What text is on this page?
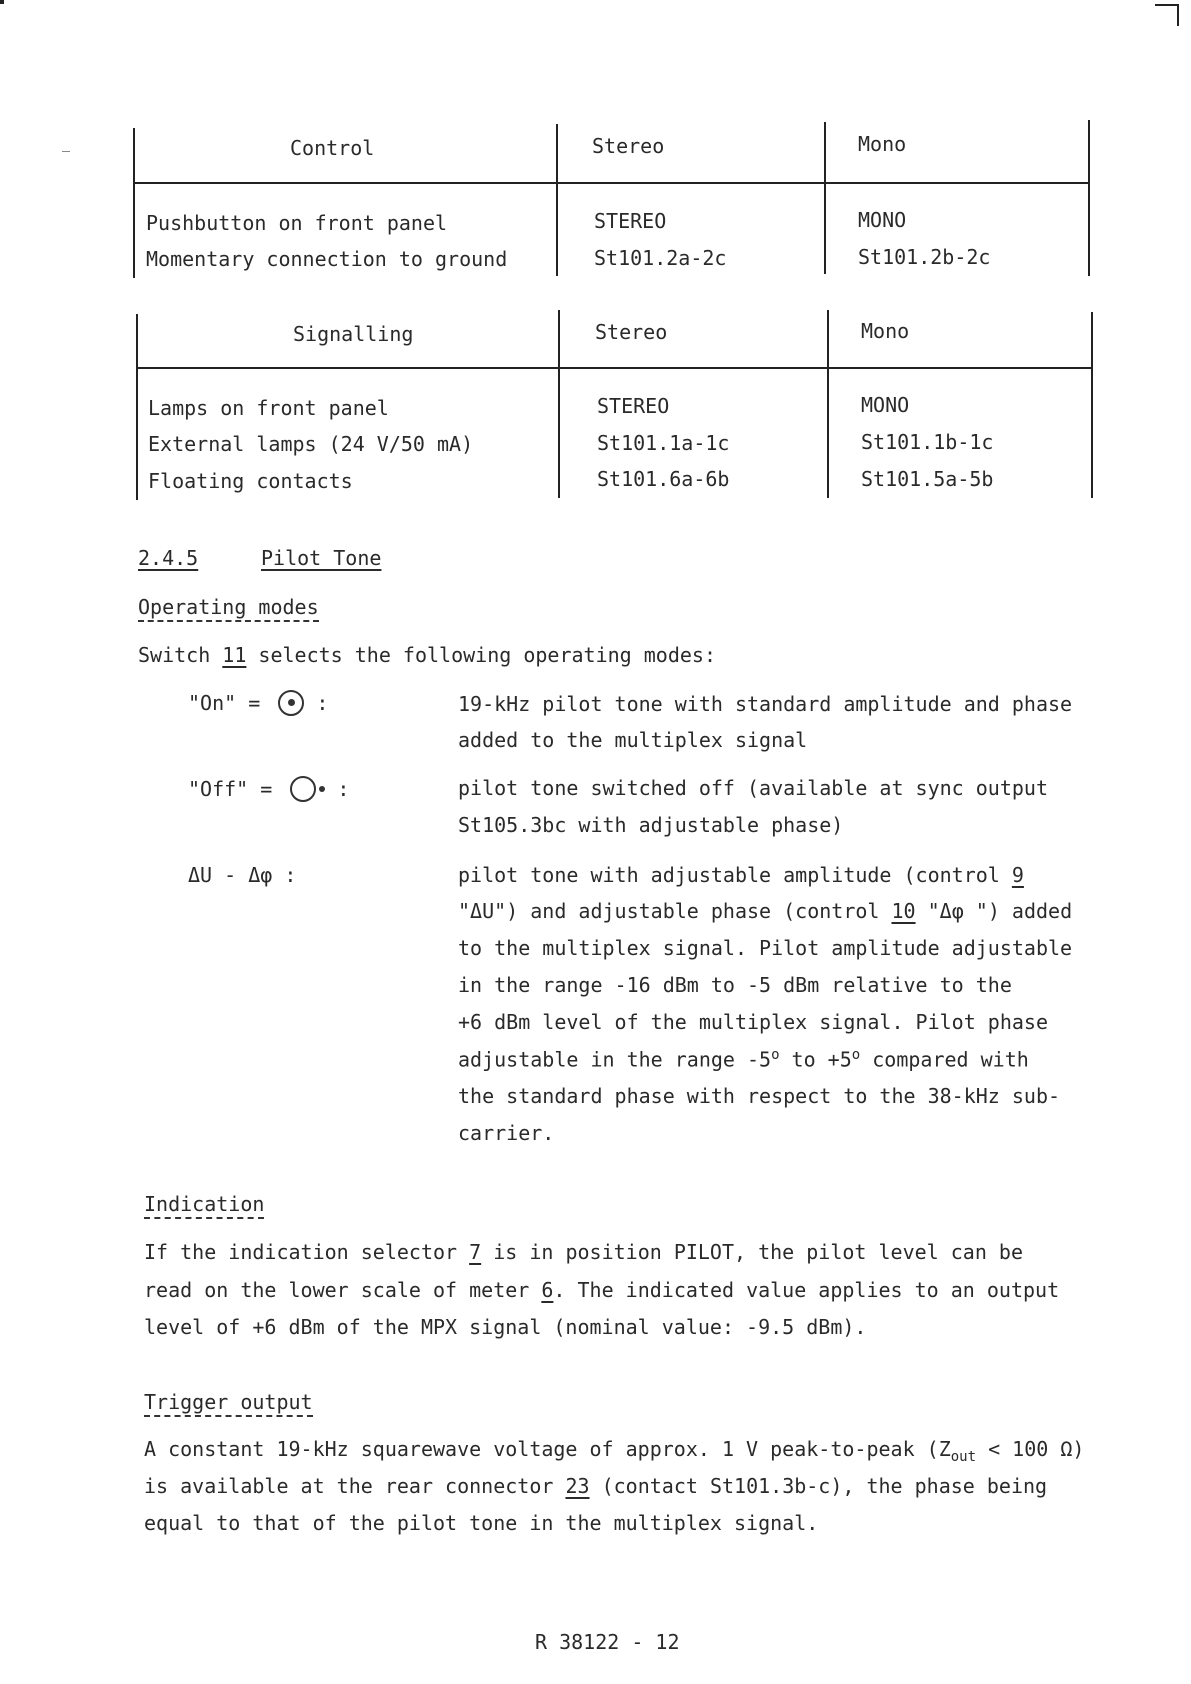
Control	Stereo	Mono
Pushbutton on front panel	STEREO	MONO
Momentary connection to ground	St101.2a-2c	St101.2b-2c
Signalling	Stereo	Mono
Lamps on front panel	STEREO	MONO
External lamps (24 V/50 mA)	St101.1a-1c	St101.1b-1c
Floating contacts	St101.6a-6b	St101.5a-5b
2.4.5	Pilot Tone
Operating modes
Switch 11 selects the following operating modes:
"On" =	:	19-kHz pilot tone with standard amplitude and phase
added to the multiplex signal
"Off" =	:	pilot tone switched off (available at sync output
St105.3bc with adjustable phase)
ΔU - Δφ :	pilot tone with adjustable amplitude (control 9
"ΔU") and adjustable phase (control 10 "Δφ ") added
to the multiplex signal. Pilot amplitude adjustable
in the range -16 dBm to -5 dBm relative to the
+6 dBm level of the multiplex signal. Pilot phase
adjustable in the range -5$^o$ to $+5^o$ compared with
the standard phase with respect to the 38-kHz sub-
carrier.
Indication
If the indication selector 7 is in position PILOT, the pilot level can be
read on the lower scale of meter 6. The indicated value applies to an output
level of +6 dBm of the MPX signal (nominal value: -9.5 dBm).
Trigger output
A constant 19-kHz squarewave voltage of approx. 1 V peak-to-peak ($Z_{out} < 100$ Ω)
is available at the rear connector 23 (contact St101.3b-c), the phase being
equal to that of the pilot tone in the multiplex signal.
R 38122 - 12
